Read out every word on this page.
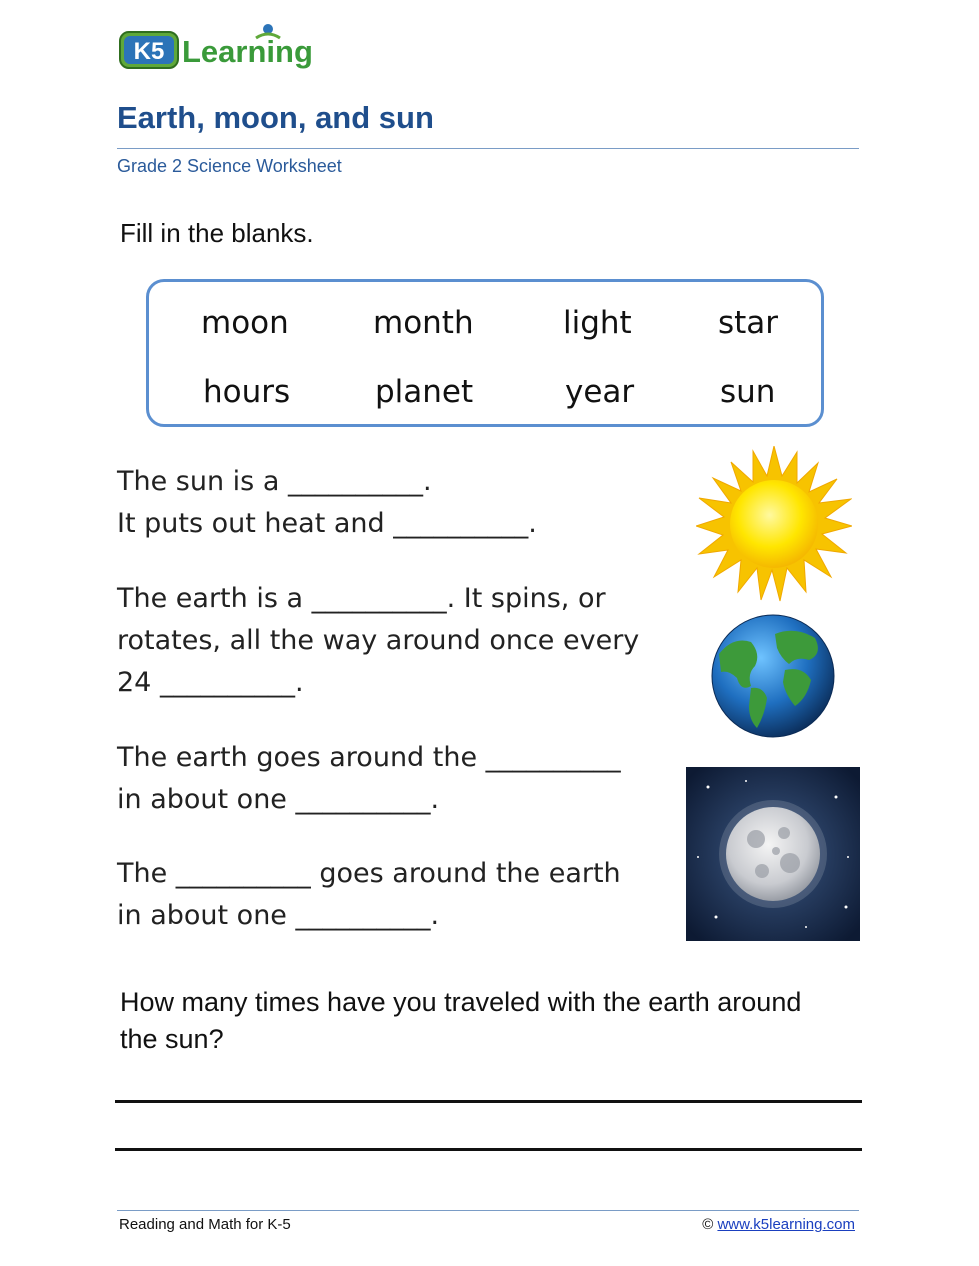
K5 Learning
Earth, moon, and sun
Grade 2 Science Worksheet
Fill in the blanks.
moon	month	light	star
hours	planet	year	sun
The sun is a __________.
It puts out heat and __________.
The earth is a __________. It spins, or
rotates, all the way around once every
24 __________.
The earth goes around the __________
in about one __________.
The __________ goes around the earth
in about one __________.
How many times have you traveled with the earth around
the sun?
Reading and Math for K-5	© www.k5learning.com
